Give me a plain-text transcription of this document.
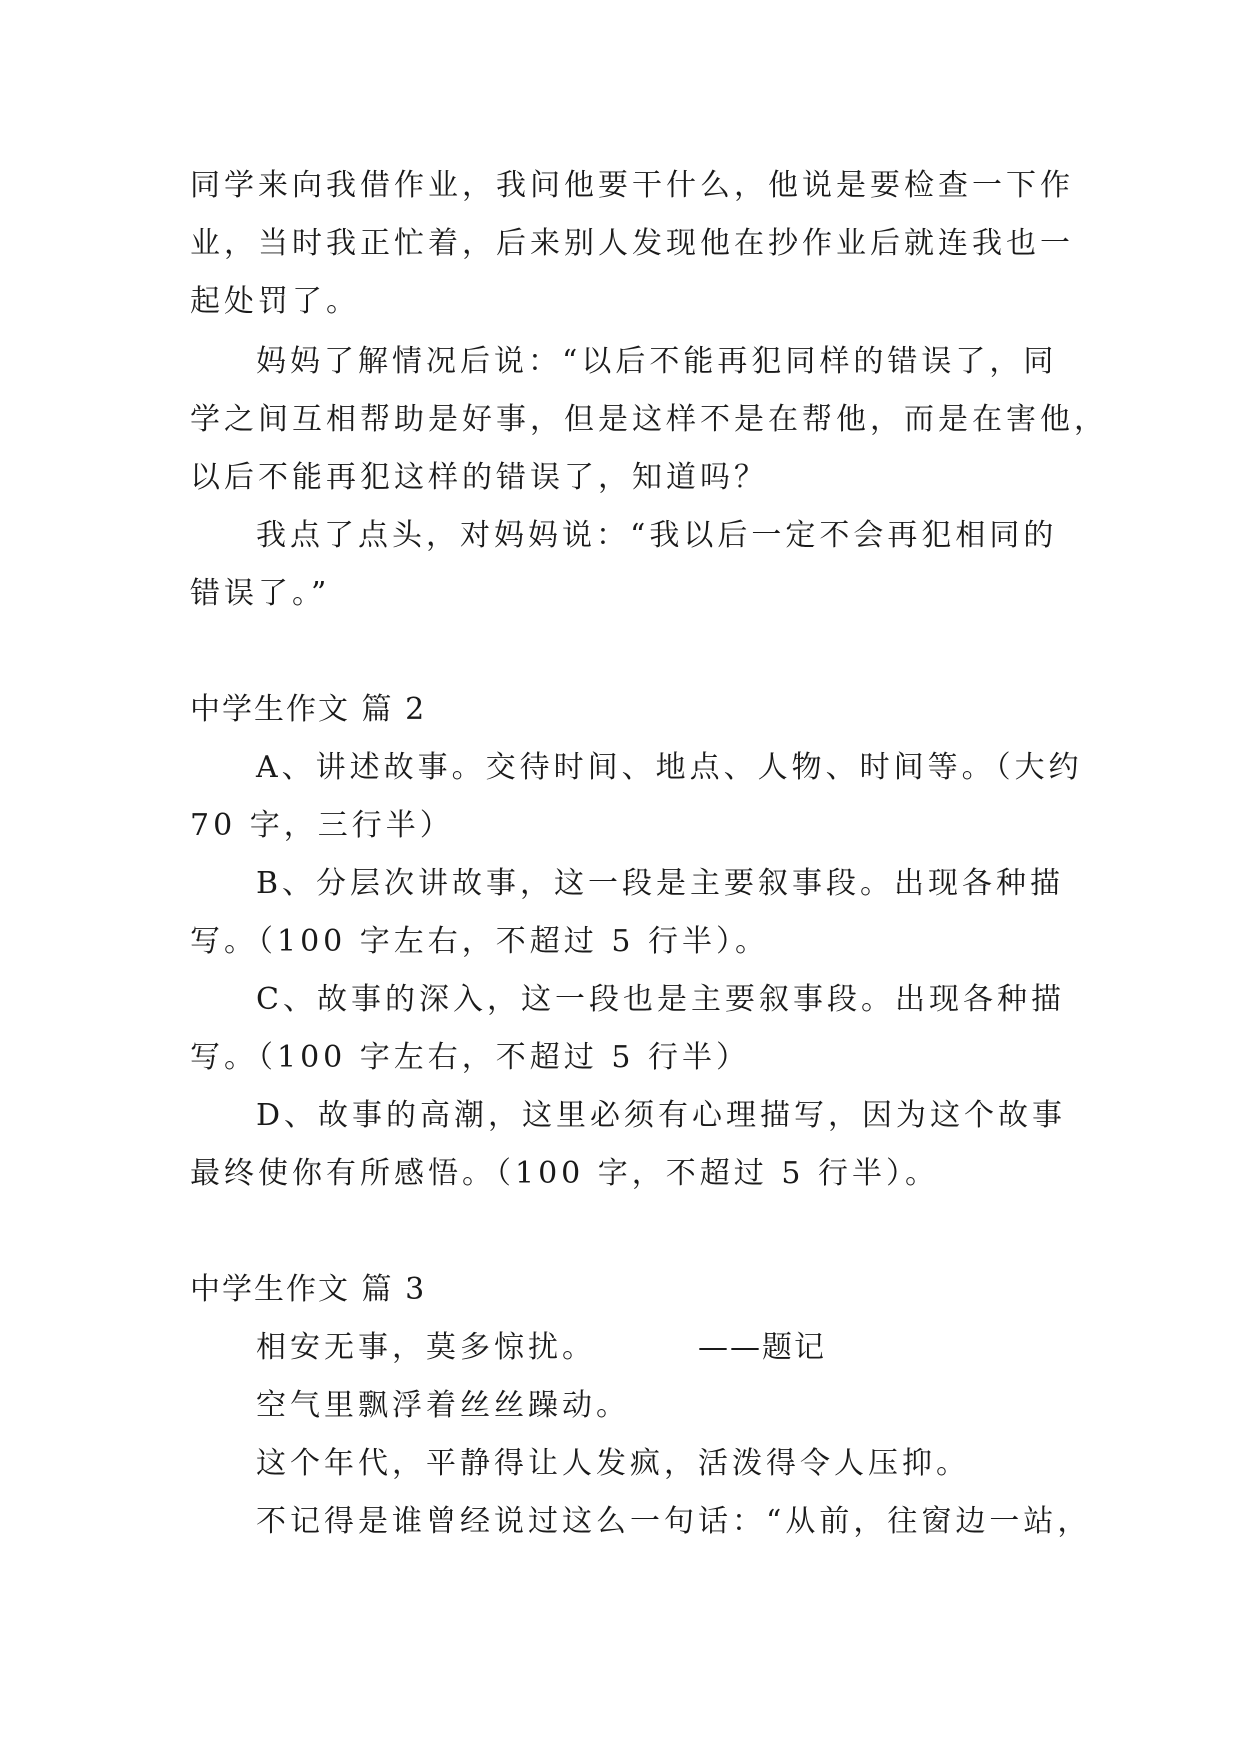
同学来向我借作业，我问他要干什么，他说是要检查一下作
业，当时我正忙着，后来别人发现他在抄作业后就连我也一
起处罚了。
妈妈了解情况后说：“以后不能再犯同样的错误了，同
学之间互相帮助是好事，但是这样不是在帮他，而是在害他，
以后不能再犯这样的错误了，知道吗？
我点了点头，对妈妈说：“我以后一定不会再犯相同的
错误了。”
中学生作文 篇 2
A、讲述故事。交待时间、地点、人物、时间等。（大约
70 字，三行半）
B、分层次讲故事，这一段是主要叙事段。出现各种描
写。（100 字左右，不超过 5 行半）。
C、故事的深入，这一段也是主要叙事段。出现各种描
写。（100 字左右，不超过 5 行半）
D、故事的高潮，这里必须有心理描写，因为这个故事
最终使你有所感悟。（100 字，不超过 5 行半）。
中学生作文 篇 3
相安无事，莫多惊扰。	——题记
空气里飘浮着丝丝躁动。
这个年代，平静得让人发疯，活泼得令人压抑。
不记得是谁曾经说过这么一句话：“从前，往窗边一站，
